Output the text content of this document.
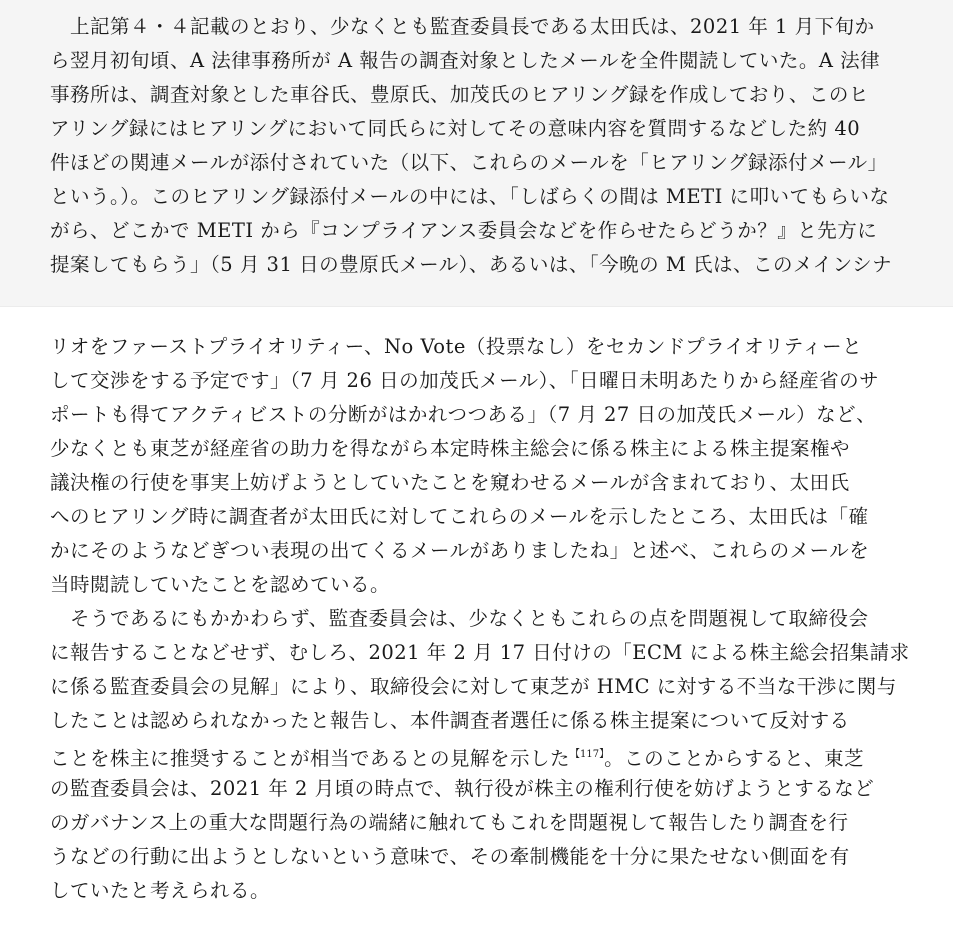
上記第４・４記載のとおり、少なくとも監査委員長である太田氏は、2021 年 1 月下旬か
ら翌月初旬頃、A 法律事務所が A 報告の調査対象としたメールを全件閲読していた。A 法律
事務所は、調査対象とした車谷氏、豊原氏、加茂氏のヒアリング録を作成しており、このヒ
アリング録にはヒアリングにおいて同氏らに対してその意味内容を質問するなどした約 40
件ほどの関連メールが添付されていた（以下、これらのメールを「ヒアリング録添付メール」
という。）。このヒアリング録添付メールの中には、「しばらくの間は METI に叩いてもらいな
がら、どこかで METI から『コンプライアンス委員会などを作らせたらどうか？』と先方に
提案してもらう」（5 月 31 日の豊原氏メール）、あるいは、「今晩の M 氏は、このメインシナ
リオをファーストプライオリティー、No Vote（投票なし）をセカンドプライオリティーと
して交渉をする予定です」（7 月 26 日の加茂氏メール）、「日曜日未明あたりから経産省のサ
ポートも得てアクティビストの分断がはかれつつある」（7 月 27 日の加茂氏メール）など、
少なくとも東芝が経産省の助力を得ながら本定時株主総会に係る株主による株主提案権や
議決権の行使を事実上妨げようとしていたことを窺わせるメールが含まれており、太田氏
へのヒアリング時に調査者が太田氏に対してこれらのメールを示したところ、太田氏は「確
かにそのようなどぎつい表現の出てくるメールがありましたね」と述べ、これらのメールを
当時閲読していたことを認めている。
そうであるにもかかわらず、監査委員会は、少なくともこれらの点を問題視して取締役会
に報告することなどせず、むしろ、2021 年 2 月 17 日付けの「ECM による株主総会招集請求
に係る監査委員会の見解」により、取締役会に対して東芝が HMC に対する不当な干渉に関与
したことは認められなかったと報告し、本件調査者選任に係る株主提案について反対する
ことを株主に推奨することが相当であるとの見解を示した$^{【117】}$。このことからすると、東芝
の監査委員会は、2021 年 2 月頃の時点で、執行役が株主の権利行使を妨げようとするなど
のガバナンス上の重大な問題行為の端緒に触れてもこれを問題視して報告したり調査を行
うなどの行動に出ようとしないという意味で、その牽制機能を十分に果たせない側面を有
していたと考えられる。
